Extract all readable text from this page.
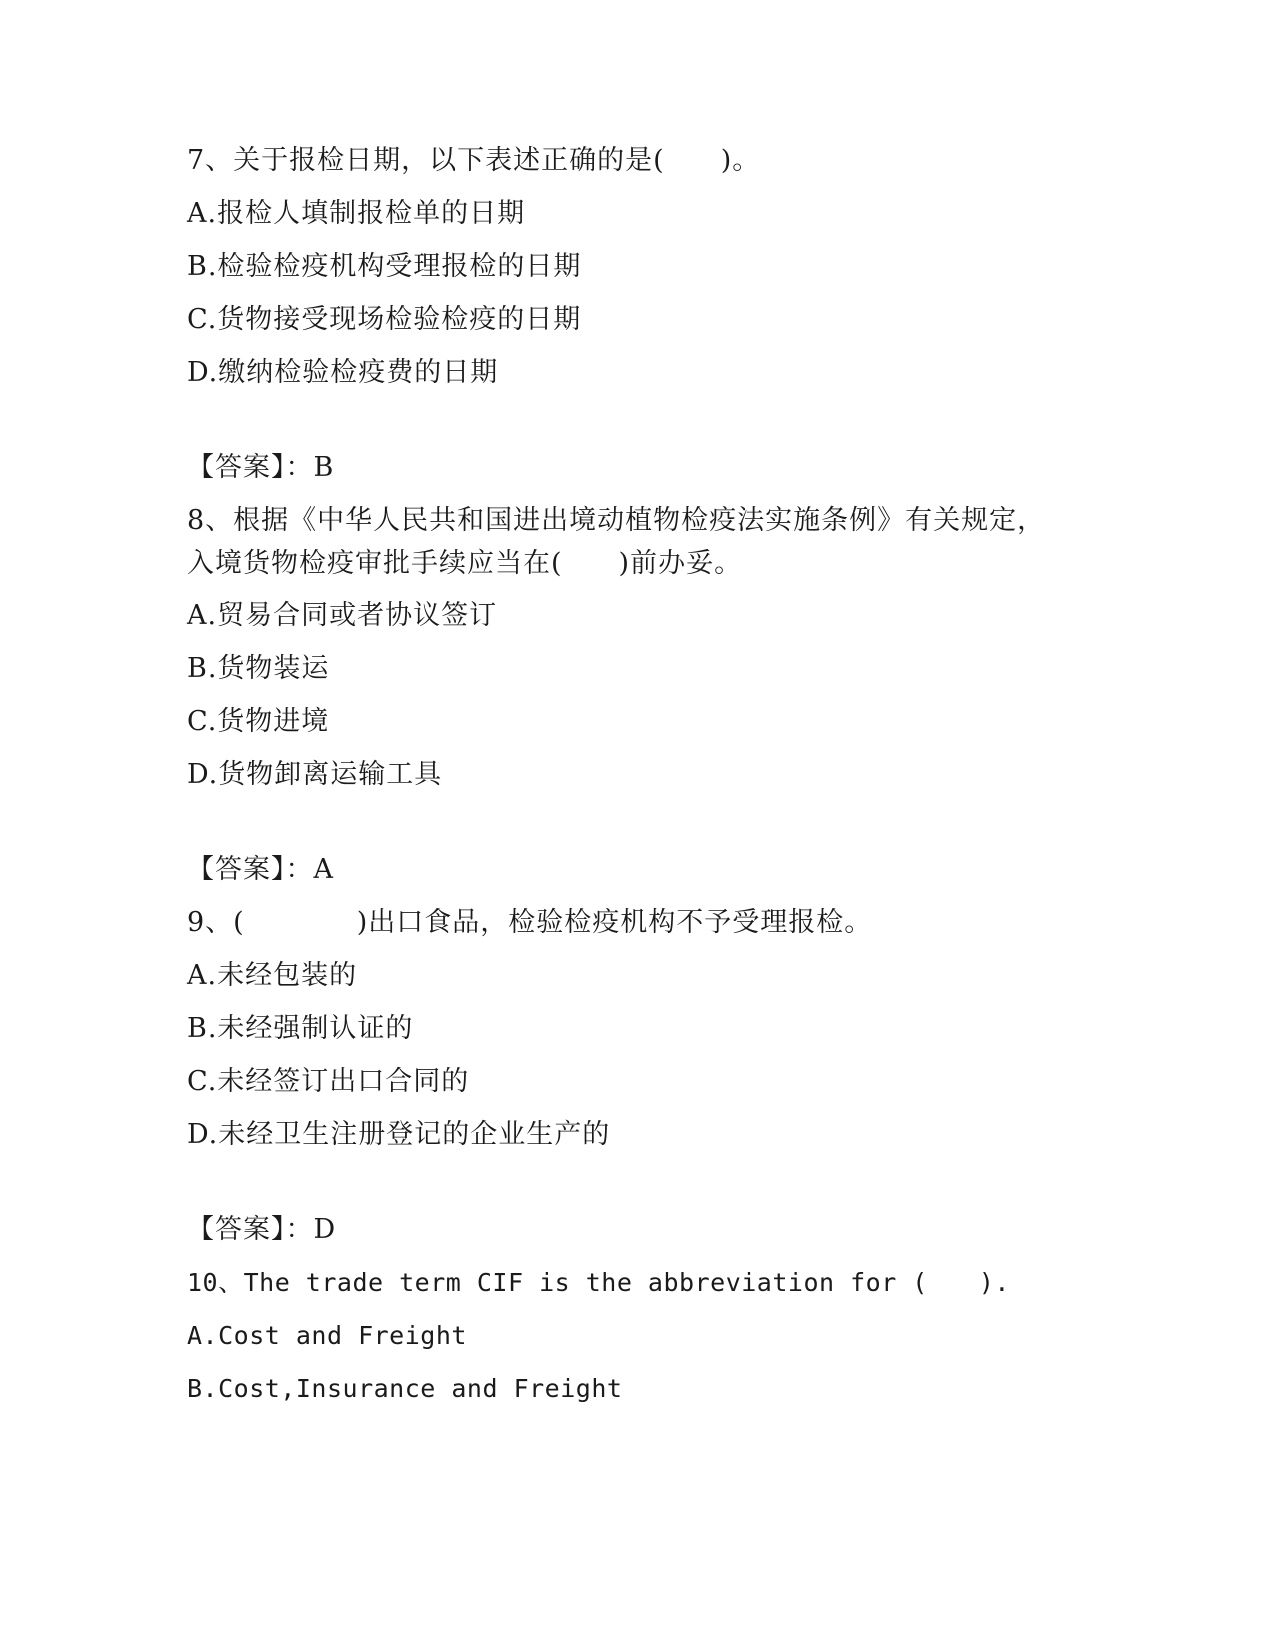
7、关于报检日期，以下表述正确的是(　　)。
A.报检人填制报检单的日期
B.检验检疫机构受理报检的日期
C.货物接受现场检验检疫的日期
D.缴纳检验检疫费的日期
【答案】：B
8、根据《中华人民共和国进出境动植物检疫法实施条例》有关规定，
入境货物检疫审批手续应当在(　　)前办妥。
A.贸易合同或者协议签订
B.货物装运
C.货物进境
D.货物卸离运输工具
【答案】：A
9、(　　　　)出口食品，检验检疫机构不予受理报检。
A.未经包装的
B.未经强制认证的
C.未经签订出口合同的
D.未经卫生注册登记的企业生产的
【答案】：D
10、The trade term CIF is the abbreviation for (　　).
A.Cost and Freight
B.Cost,Insurance and Freight
